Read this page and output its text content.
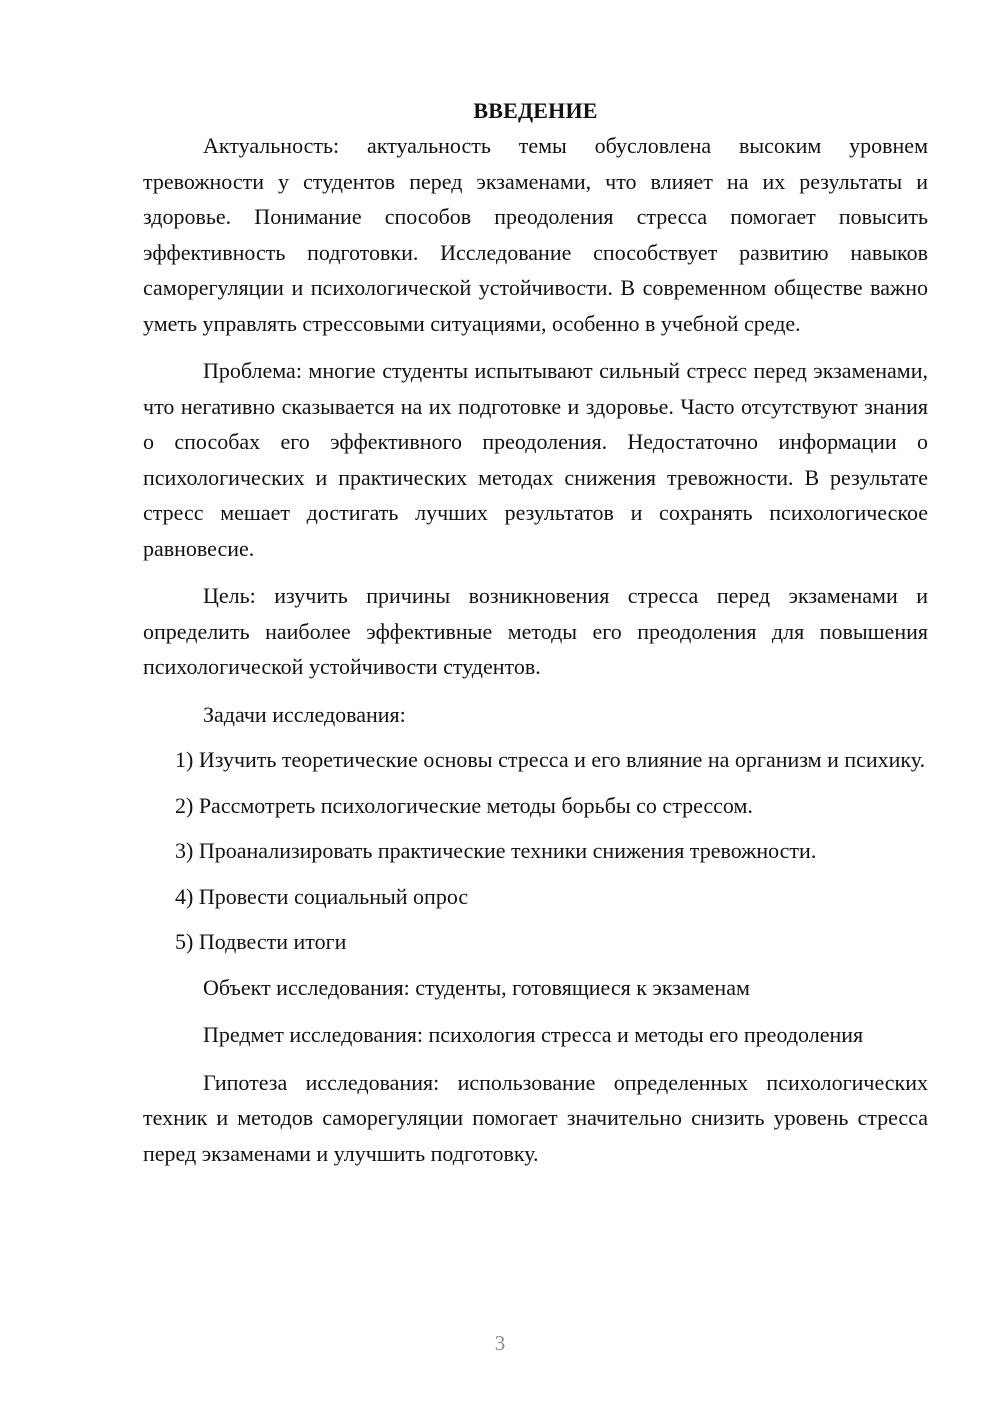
ВВЕДЕНИЕ

Актуальность: актуальность темы обусловлена высоким уровнем тревожности у студентов перед экзаменами, что влияет на их результаты и здоровье. Понимание способов преодоления стресса помогает повысить эффективность подготовки. Исследование способствует развитию навыков саморегуляции и психологической устойчивости. В современном обществе важно уметь управлять стрессовыми ситуациями, особенно в учебной среде.

Проблема: многие студенты испытывают сильный стресс перед экзаменами, что негативно сказывается на их подготовке и здоровье. Часто отсутствуют знания о способах его эффективного преодоления. Недостаточно информации о психологических и практических методах снижения тревожности. В результате стресс мешает достигать лучших результатов и сохранять психологическое равновесие.

Цель: изучить причины возникновения стресса перед экзаменами и определить наиболее эффективные методы его преодоления для повышения психологической устойчивости студентов.

Задачи исследования:

1) Изучить теоретические основы стресса и его влияние на организм и психику.

2) Рассмотреть психологические методы борьбы со стрессом.

3) Проанализировать практические техники снижения тревожности.

4) Провести социальный опрос

5) Подвести итоги

Объект исследования: студенты, готовящиеся к экзаменам

Предмет исследования: психология стресса и методы его преодоления

Гипотеза исследования: использование определенных психологических техник и методов саморегуляции помогает значительно снизить уровень стресса перед экзаменами и улучшить подготовку.

3
